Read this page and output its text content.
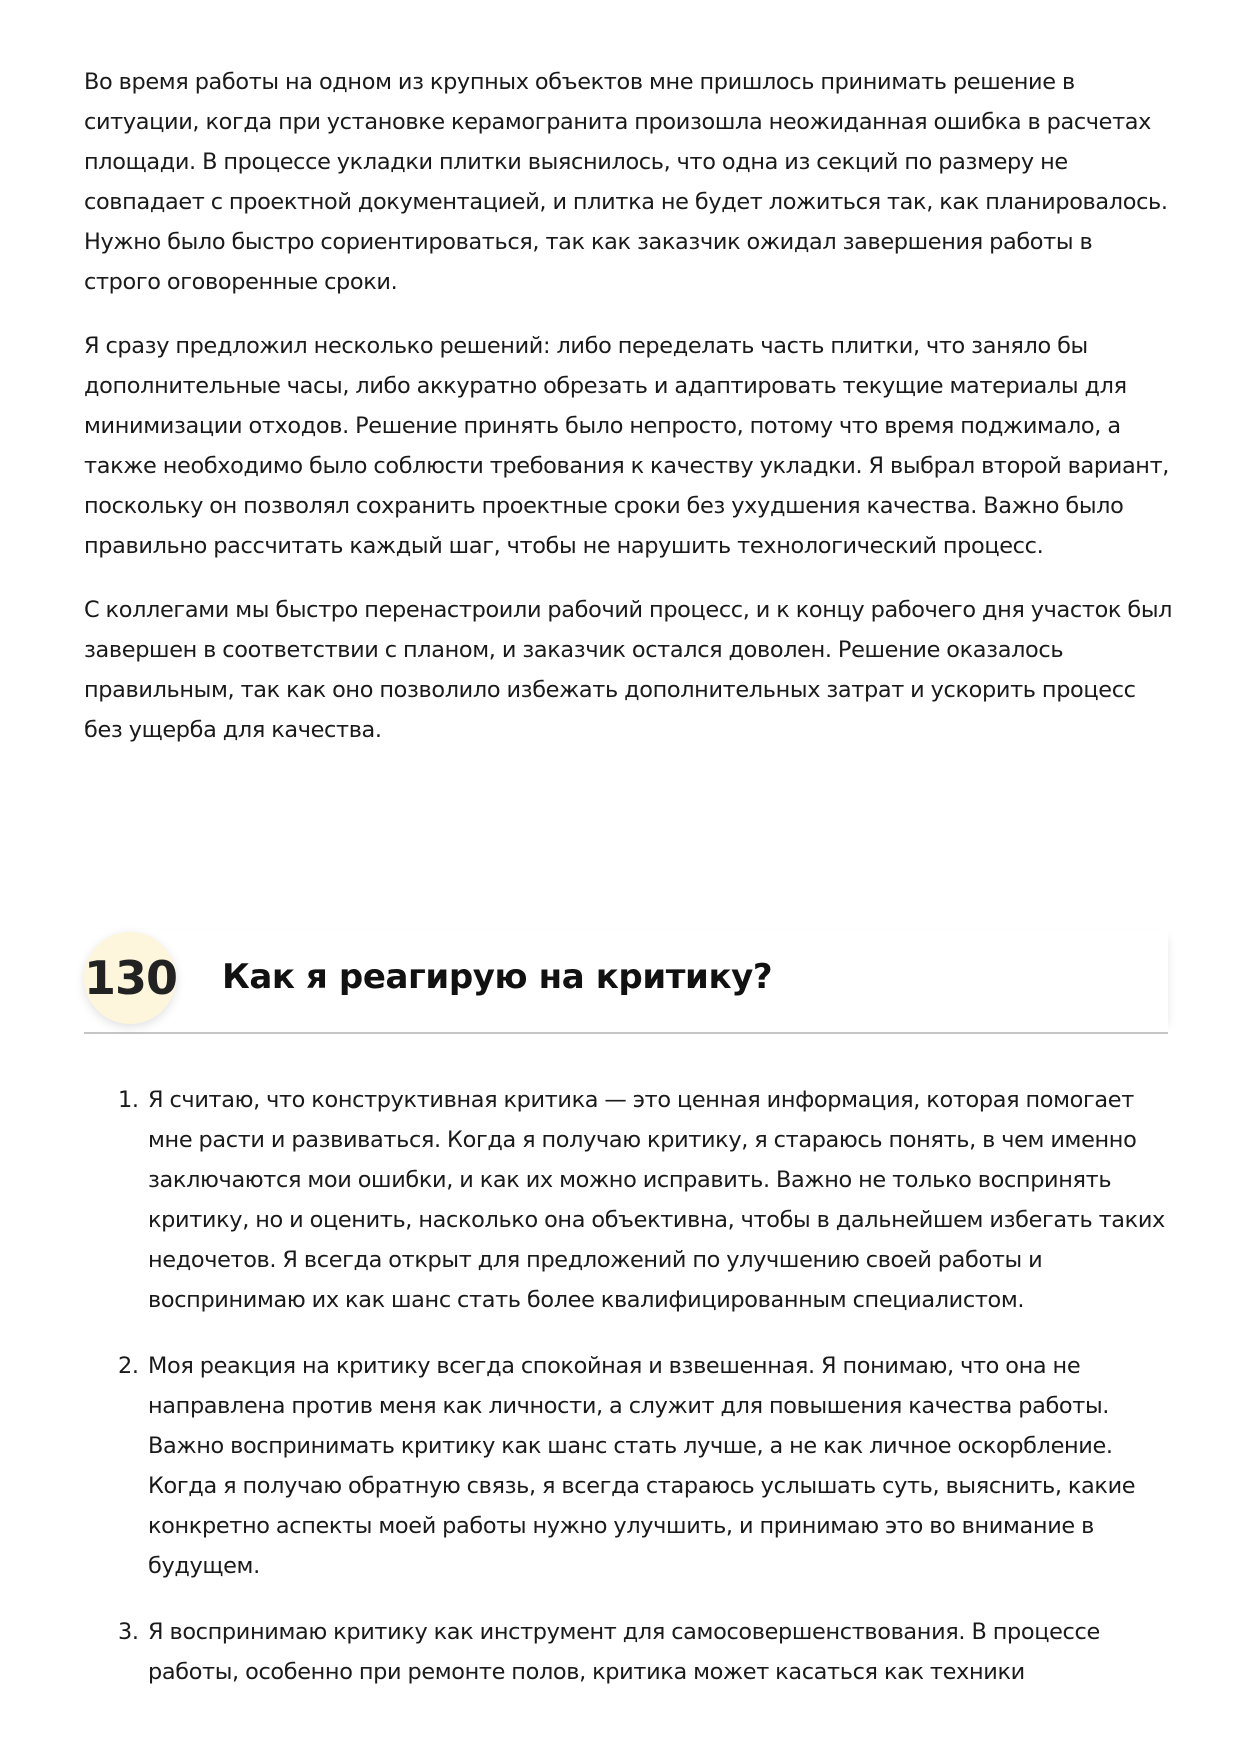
Во время работы на одном из крупных объектов мне пришлось принимать решение в ситуации, когда при установке керамогранита произошла неожиданная ошибка в расчетах площади. В процессе укладки плитки выяснилось, что одна из секций по размеру не совпадает с проектной документацией, и плитка не будет ложиться так, как планировалось. Нужно было быстро сориентироваться, так как заказчик ожидал завершения работы в строго оговоренные сроки.

Я сразу предложил несколько решений: либо переделать часть плитки, что заняло бы дополнительные часы, либо аккуратно обрезать и адаптировать текущие материалы для минимизации отходов. Решение принять было непросто, потому что время поджимало, а также необходимо было соблюсти требования к качеству укладки. Я выбрал второй вариант, поскольку он позволял сохранить проектные сроки без ухудшения качества. Важно было правильно рассчитать каждый шаг, чтобы не нарушить технологический процесс.

С коллегами мы быстро перенастроили рабочий процесс, и к концу рабочего дня участок был завершен в соответствии с планом, и заказчик остался доволен. Решение оказалось правильным, так как оно позволило избежать дополнительных затрат и ускорить процесс без ущерба для качества.

130 Как я реагирую на критику?
1. Я считаю, что конструктивная критика — это ценная информация, которая помогает мне расти и развиваться. Когда я получаю критику, я стараюсь понять, в чем именно заключаются мои ошибки, и как их можно исправить. Важно не только воспринять критику, но и оценить, насколько она объективна, чтобы в дальнейшем избегать таких недочетов. Я всегда открыт для предложений по улучшению своей работы и воспринимаю их как шанс стать более квалифицированным специалистом.
2. Моя реакция на критику всегда спокойная и взвешенная. Я понимаю, что она не направлена против меня как личности, а служит для повышения качества работы. Важно воспринимать критику как шанс стать лучше, а не как личное оскорбление. Когда я получаю обратную связь, я всегда стараюсь услышать суть, выяснить, какие конкретно аспекты моей работы нужно улучшить, и принимаю это во внимание в будущем.
3. Я воспринимаю критику как инструмент для самосовершенствования. В процессе работы, особенно при ремонте полов, критика может касаться как техники
